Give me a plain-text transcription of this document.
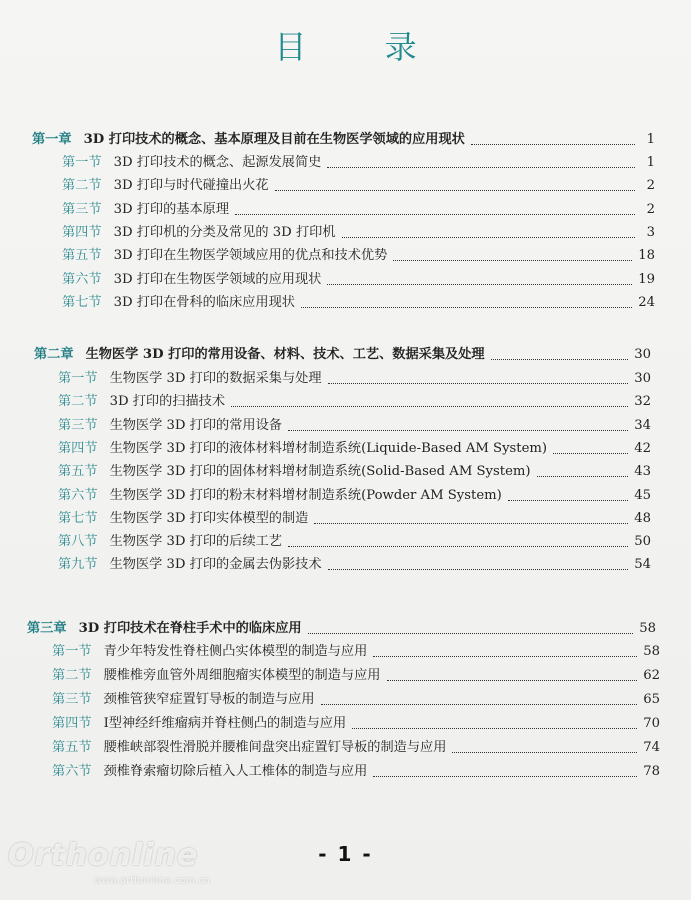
目 录
第一章 3D 打印技术的概念、基本原理及目前在生物医学领域的应用现状	1
第一节 3D 打印技术的概念、起源发展简史	1
第二节 3D 打印与时代碰撞出火花	2
第三节 3D 打印的基本原理	2
第四节 3D 打印机的分类及常见的 3D 打印机	3
第五节 3D 打印在生物医学领域应用的优点和技术优势	18
第六节 3D 打印在生物医学领域的应用现状	19
第七节 3D 打印在骨科的临床应用现状	24
第二章 生物医学 3D 打印的常用设备、材料、技术、工艺、数据采集及处理	30
第一节 生物医学 3D 打印的数据采集与处理	30
第二节 3D 打印的扫描技术	32
第三节 生物医学 3D 打印的常用设备	34
第四节 生物医学 3D 打印的液体材料增材制造系统(Liquide-Based AM System)	42
第五节 生物医学 3D 打印的固体材料增材制造系统(Solid-Based AM System)	43
第六节 生物医学 3D 打印的粉末材料增材制造系统(Powder AM System)	45
第七节 生物医学 3D 打印实体模型的制造	48
第八节 生物医学 3D 打印的后续工艺	50
第九节 生物医学 3D 打印的金属去伪影技术	54
第三章 3D 打印技术在脊柱手术中的临床应用	58
第一节 青少年特发性脊柱侧凸实体模型的制造与应用	58
第二节 腰椎椎旁血管外周细胞瘤实体模型的制造与应用	62
第三节 颈椎管狭窄症置钉导板的制造与应用	65
第四节 Ⅰ型神经纤维瘤病并脊柱侧凸的制造与应用	70
第五节 腰椎峡部裂性滑脱并腰椎间盘突出症置钉导板的制造与应用	74
第六节 颈椎脊索瘤切除后植入人工椎体的制造与应用	78
- 1 -
Orthonline
www.orthonline.com.cn
